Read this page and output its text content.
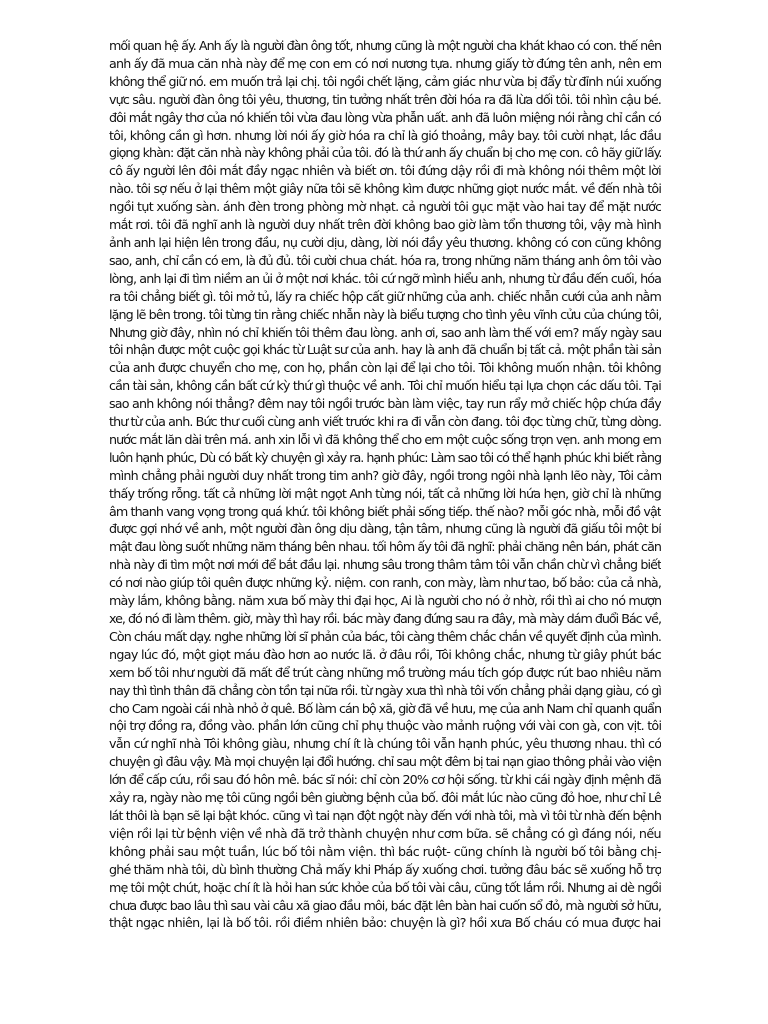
mối quan hệ ấy. Anh ấy là người đàn ông tốt, nhưng cũng là một người cha khát khao có con. thế nên
anh ấy đã mua căn nhà này để mẹ con em có nơi nương tựa. nhưng giấy tờ đứng tên anh, nên em
không thể giữ nó. em muốn trả lại chị. tôi ngồi chết lặng, cảm giác như vừa bị đẩy từ đỉnh núi xuống
vực sâu. người đàn ông tôi yêu, thương, tin tưởng nhất trên đời hóa ra đã lừa dối tôi. tôi nhìn cậu bé.
đôi mắt ngây thơ của nó khiến tôi vừa đau lòng vừa phẫn uất. anh đã luôn miệng nói rằng chỉ cần có
tôi, không cần gì hơn. nhưng lời nói ấy giờ hóa ra chỉ là gió thoảng, mây bay. tôi cười nhạt, lắc đầu
giọng khàn: đặt căn nhà này không phải của tôi. đó là thứ anh ấy chuẩn bị cho mẹ con. cô hãy giữ lấy.
cô ấy người lên đôi mắt đầy ngạc nhiên và biết ơn. tôi đứng dậy rồi đi mà không nói thêm một lời
nào. tôi sợ nếu ở lại thêm một giây nữa tôi sẽ không kìm được những giọt nước mắt. về đến nhà tôi
ngồi tụt xuống sàn. ánh đèn trong phòng mờ nhạt. cả người tôi gục mặt vào hai tay để mặt nước
mắt rơi. tôi đã nghĩ anh là người duy nhất trên đời không bao giờ làm tổn thương tôi, vậy mà hình
ảnh anh lại hiện lên trong đầu, nụ cười dịu, dàng, lời nói đầy yêu thương. không có con cũng không
sao, anh, chỉ cần có em, là đủ đủ. tôi cười chua chát. hóa ra, trong những năm tháng anh ôm tôi vào
lòng, anh lại đi tìm niềm an ủi ở một nơi khác. tôi cứ ngỡ mình hiểu anh, nhưng từ đầu đến cuối, hóa
ra tôi chẳng biết gì. tôi mở tủ, lấy ra chiếc hộp cất giữ những của anh. chiếc nhẫn cưới của anh nằm
lặng lẽ bên trong. tôi từng tin rằng chiếc nhẫn này là biểu tượng cho tình yêu vĩnh cửu của chúng tôi,
Nhưng giờ đây, nhìn nó chỉ khiến tôi thêm đau lòng. anh ơi, sao anh làm thế với em? mấy ngày sau
tôi nhận được một cuộc gọi khác từ Luật sư của anh. hay là anh đã chuẩn bị tất cả. một phần tài sản
của anh được chuyển cho mẹ, con họ, phần còn lại để lại cho tôi. Tôi không muốn nhận. tôi không
cần tài sản, không cần bất cứ kỳ thứ gì thuộc về anh. Tôi chỉ muốn hiểu tại lựa chọn các dấu tôi. Tại
sao anh không nói thẳng? đêm nay tôi ngồi trước bàn làm việc, tay run rẩy mở chiếc hộp chứa đầy
thư từ của anh. Bức thư cuối cùng anh viết trước khi ra đi vẫn còn đang. tôi đọc từng chữ, từng dòng.
nước mắt lăn dài trên má. anh xin lỗi vì đã không thể cho em một cuộc sống trọn vẹn. anh mong em
luôn hạnh phúc, Dù có bất kỳ chuyện gì xảy ra. hạnh phúc: Làm sao tôi có thể hạnh phúc khi biết rằng
mình chẳng phải người duy nhất trong tim anh? giờ đây, ngồi trong ngôi nhà lạnh lẽo này, Tôi cảm
thấy trống rỗng. tất cả những lời mật ngọt Anh từng nói, tất cả những lời hứa hẹn, giờ chỉ là những
âm thanh vang vọng trong quá khứ. tôi không biết phải sống tiếp. thế nào? mỗi góc nhà, mỗi đồ vật
được gợi nhớ về anh, một người đàn ông dịu dàng, tận tâm, nhưng cũng là người đã giấu tôi một bí
mật đau lòng suốt những năm tháng bên nhau. tối hôm ấy tôi đã nghĩ: phải chăng nên bán, phát căn
nhà này đi tìm một nơi mới để bắt đầu lại. nhưng sâu trong thâm tâm tôi vẫn chần chừ vì chẳng biết
có nơi nào giúp tôi quên được những kỷ. niệm. con ranh, con mày, làm như tao, bố bảo: của cả nhà,
mày lắm, không bằng. năm xưa bố mày thi đại học, Ai là người cho nó ở nhờ, rồi thì ai cho nó mượn
xe, đó nó đi làm thêm. giờ, mày thì hay rồi. bác mày đang đứng sau ra đây, mà mày dám đuổi Bác về,
Còn cháu mất dạy. nghe những lời sĩ phản của bác, tôi càng thêm chắc chắn về quyết định của mình.
ngay lúc đó, một giọt máu đào hơn ao nước lã. ở đâu rồi, Tôi không chắc, nhưng từ giây phút bác
xem bố tôi như người đã mất để trút càng những mồ trường máu tích góp được rút bao nhiêu năm
nay thì tình thân đã chẳng còn tồn tại nữa rồi. từ ngày xưa thì nhà tôi vốn chẳng phải dạng giàu, có gì
cho Cam ngoài cái nhà nhỏ ở quê. Bố làm cán bộ xã, giờ đã về hưu, mẹ của anh Nam chỉ quanh quẩn
nội trợ đồng ra, đồng vào. phần lớn cũng chỉ phụ thuộc vào mảnh ruộng với vài con gà, con vịt. tôi
vẫn cứ nghĩ nhà Tôi không giàu, nhưng chí ít là chúng tôi vẫn hạnh phúc, yêu thương nhau. thì có
chuyện gì đâu vậy. Mà mọi chuyện lại đổi hướng. chỉ sau một đêm bị tai nạn giao thông phải vào viện
lớn để cấp cứu, rồi sau đó hôn mê. bác sĩ nói: chỉ còn 20% cơ hội sống. từ khi cái ngày định mệnh đã
xảy ra, ngày nào mẹ tôi cũng ngồi bên giường bệnh của bố. đôi mắt lúc nào cũng đỏ hoe, như chỉ Lê
lát thôi là bạn sẽ lại bật khóc. cũng vì tai nạn đột ngột này đến với nhà tôi, mà vì tôi từ nhà đến bệnh
viện rồi lại từ bệnh viện về nhà đã trở thành chuyện như cơm bữa. sẽ chẳng có gì đáng nói, nếu
không phải sau một tuần, lúc bố tôi nằm viện. thì bác ruột- cũng chính là người bố tôi bằng chị-
ghé thăm nhà tôi, dù bình thường Chả mấy khi Pháp ấy xuống chơi. tưởng đâu bác sẽ xuống hỗ trợ
mẹ tôi một chút, hoặc chí ít là hỏi han sức khỏe của bố tôi vài câu, cũng tốt lắm rồi. Nhưng ai dè ngồi
chưa được bao lâu thì sau vài câu xã giao đầu môi, bác đặt lên bàn hai cuốn sổ đỏ, mà người sở hữu,
thật ngạc nhiên, lại là bố tôi. rồi điềm nhiên bảo: chuyện là gì? hồi xưa Bố cháu có mua được hai
